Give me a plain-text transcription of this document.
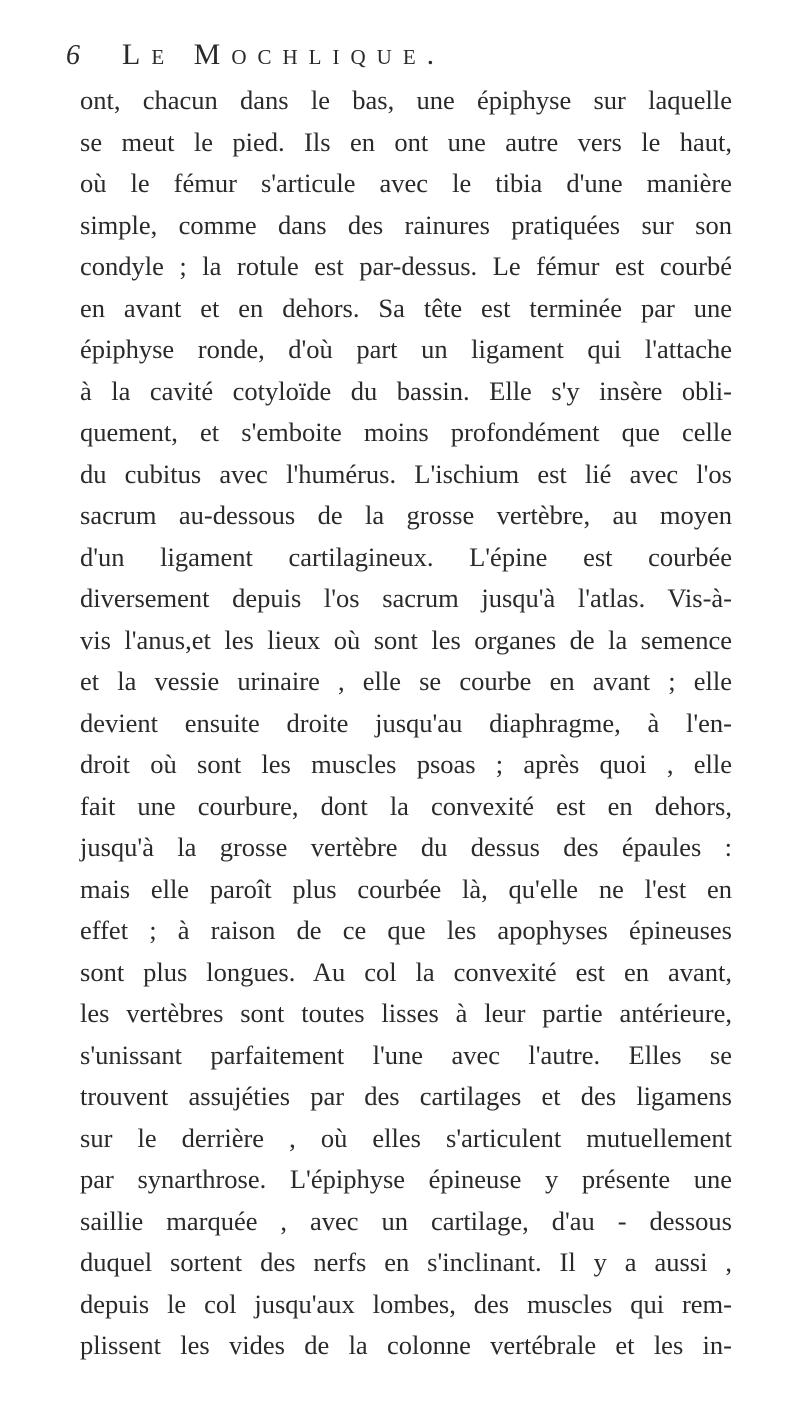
6	Le Mochlique.
ont, chacun dans le bas, une épiphyse sur laquelle
se meut le pied. Ils en ont une autre vers le haut,
où le fémur s'articule avec le tibia d'une manière
simple, comme dans des rainures pratiquées sur son
condyle ; la rotule est par-dessus. Le fémur est courbé
en avant et en dehors. Sa tête est terminée par une
épiphyse ronde, d'où part un ligament qui l'attache
à la cavité cotyloïde du bassin. Elle s'y insère obli-
quement, et s'emboite moins profondément que celle
du cubitus avec l'humérus. L'ischium est lié avec l'os
sacrum au-dessous de la grosse vertèbre, au moyen
d'un ligament cartilagineux. L'épine est courbée
diversement depuis l'os sacrum jusqu'à l'atlas. Vis-à-
vis l'anus,et les lieux où sont les organes de la semence
et la vessie urinaire , elle se courbe en avant ; elle
devient ensuite droite jusqu'au diaphragme, à l'en-
droit où sont les muscles psoas ; après quoi , elle
fait une courbure, dont la convexité est en dehors,
jusqu'à la grosse vertèbre du dessus des épaules :
mais elle paroît plus courbée là, qu'elle ne l'est en
effet ; à raison de ce que les apophyses épineuses
sont plus longues. Au col la convexité est en avant,
les vertèbres sont toutes lisses à leur partie antérieure,
s'unissant parfaitement l'une avec l'autre. Elles se
trouvent assujéties par des cartilages et des ligamens
sur le derrière , où elles s'articulent mutuellement
par synarthrose. L'épiphyse épineuse y présente une
saillie marquée , avec un cartilage, d'au - dessous
duquel sortent des nerfs en s'inclinant. Il y a aussi ,
depuis le col jusqu'aux lombes, des muscles qui rem-
plissent les vides de la colonne vertébrale et les in-
